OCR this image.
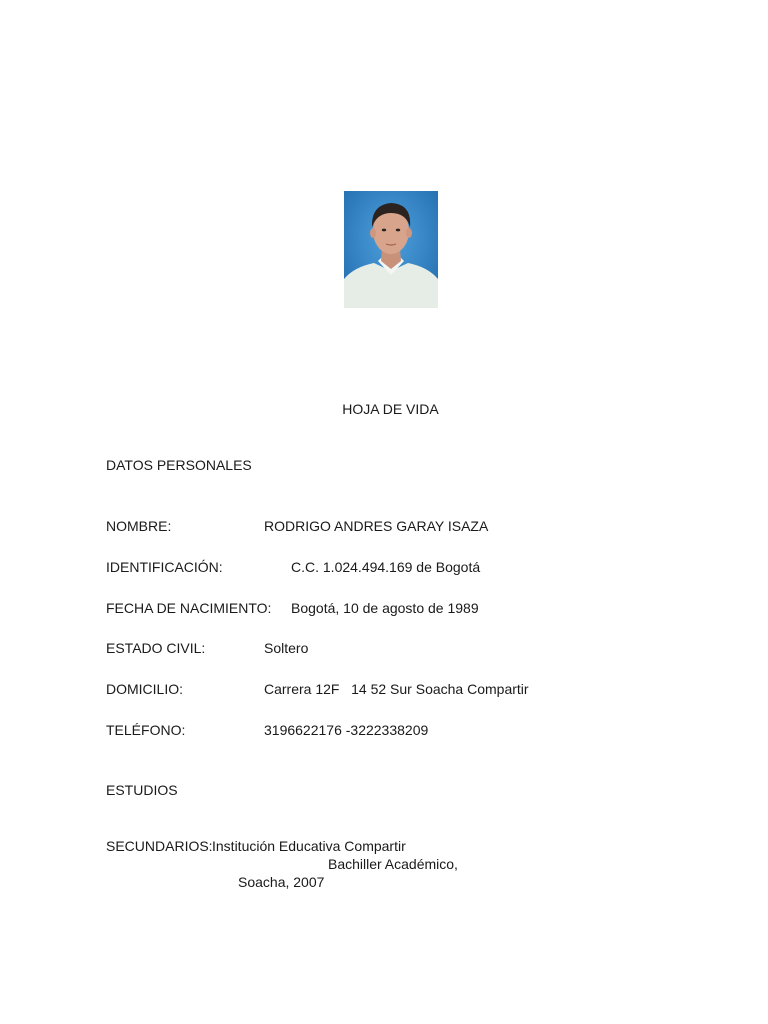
HOJA DE VIDA
DATOS PERSONALES
NOMBRE:	RODRIGO ANDRES GARAY ISAZA
IDENTIFICACIÓN:	C.C. 1.024.494.169 de Bogotá
FECHA DE NACIMIENTO: Bogotá, 10 de agosto de 1989
ESTADO CIVIL:	Soltero
DOMICILIO:	Carrera 12F   14 52 Sur Soacha Compartir
TELÉFONO:	3196622176 -3222338209
ESTUDIOS
SECUNDARIOS: Institución Educativa Compartir
Bachiller Académico,
Soacha, 2007
